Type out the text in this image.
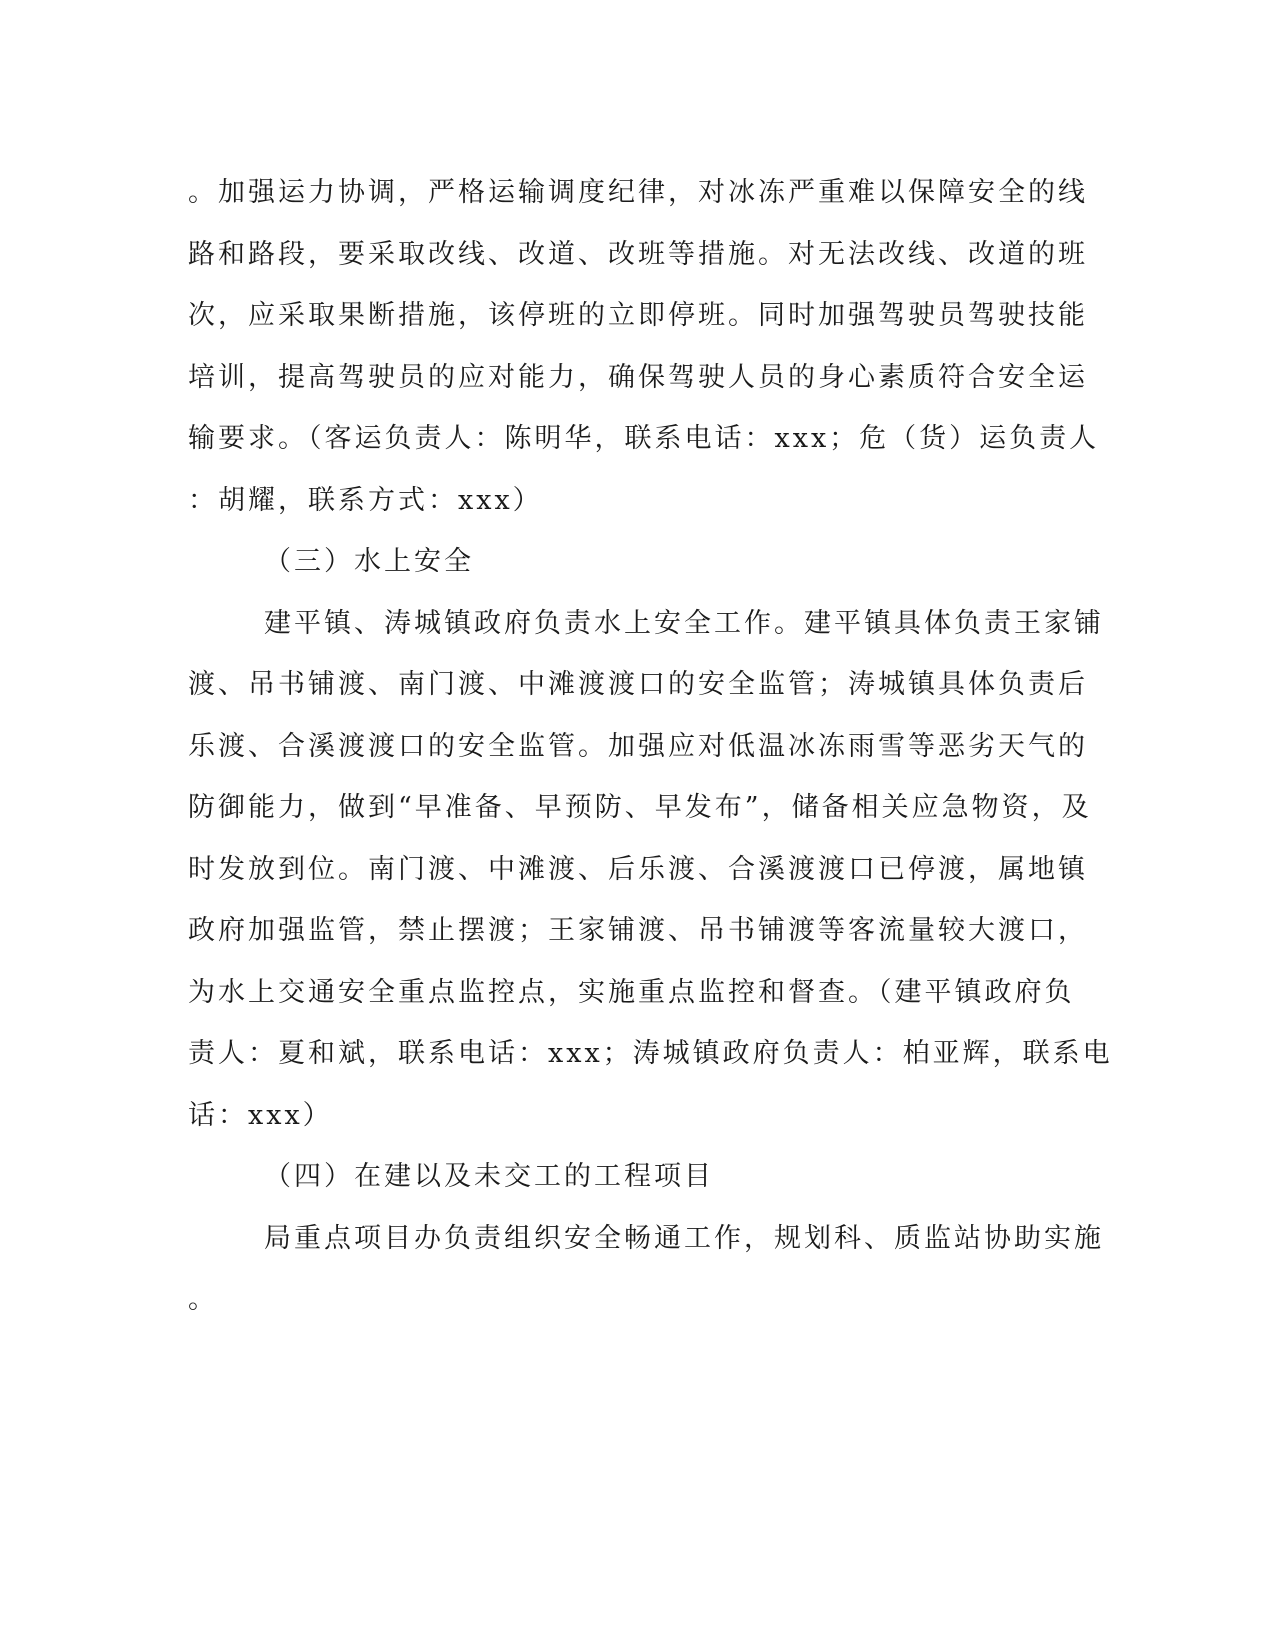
。加强运力协调，严格运输调度纪律，对冰冻严重难以保障安全的线
路和路段，要采取改线、改道、改班等措施。对无法改线、改道的班
次，应采取果断措施，该停班的立即停班。同时加强驾驶员驾驶技能
培训，提高驾驶员的应对能力，确保驾驶人员的身心素质符合安全运
输要求。（客运负责人：陈明华，联系电话：xxx；危（货）运负责人
：胡耀，联系方式：xxx）
（三）水上安全
建平镇、涛城镇政府负责水上安全工作。建平镇具体负责王家铺
渡、吊书铺渡、南门渡、中滩渡渡口的安全监管；涛城镇具体负责后
乐渡、合溪渡渡口的安全监管。加强应对低温冰冻雨雪等恶劣天气的
防御能力，做到“早准备、早预防、早发布”，储备相关应急物资，及
时发放到位。南门渡、中滩渡、后乐渡、合溪渡渡口已停渡，属地镇
政府加强监管，禁止摆渡；王家铺渡、吊书铺渡等客流量较大渡口，
为水上交通安全重点监控点，实施重点监控和督查。（建平镇政府负
责人：夏和斌，联系电话：xxx；涛城镇政府负责人：柏亚辉，联系电
话：xxx）
（四）在建以及未交工的工程项目
局重点项目办负责组织安全畅通工作，规划科、质监站协助实施
。
